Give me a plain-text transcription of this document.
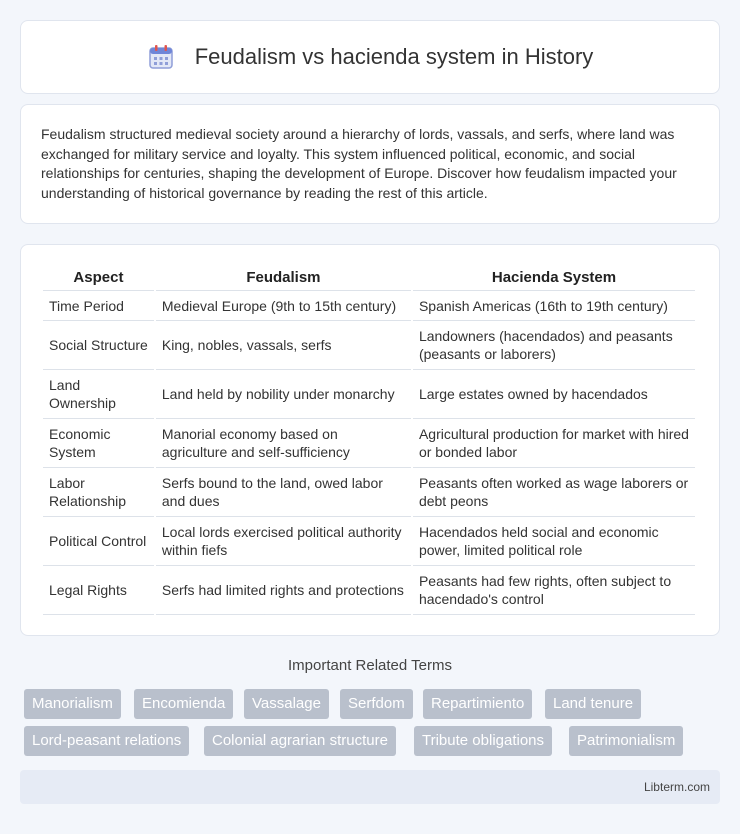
Feudalism vs hacienda system in History

Feudalism structured medieval society around a hierarchy of lords, vassals, and serfs, where land was exchanged for military service and loyalty. This system influenced political, economic, and social relationships for centuries, shaping the development of Europe. Discover how feudalism impacted your understanding of historical governance by reading the rest of this article.

Aspect	Feudalism	Hacienda System
Time Period	Medieval Europe (9th to 15th century)	Spanish Americas (16th to 19th century)
Social Structure	King, nobles, vassals, serfs	Landowners (hacendados) and peasants (peasants or laborers)
Land Ownership	Land held by nobility under monarchy	Large estates owned by hacendados
Economic System	Manorial economy based on agriculture and self-sufficiency	Agricultural production for market with hired or bonded labor
Labor Relationship	Serfs bound to the land, owed labor and dues	Peasants often worked as wage laborers or debt peons
Political Control	Local lords exercised political authority within fiefs	Hacendados held social and economic power, limited political role
Legal Rights	Serfs had limited rights and protections	Peasants had few rights, often subject to hacendado's control
Important Related Terms
Manorialism	Encomienda	Vassalage	Serfdom	Repartimiento	Land tenure
Lord-peasant relations	Colonial agrarian structure	Tribute obligations	Patrimonialism
Libterm.com
